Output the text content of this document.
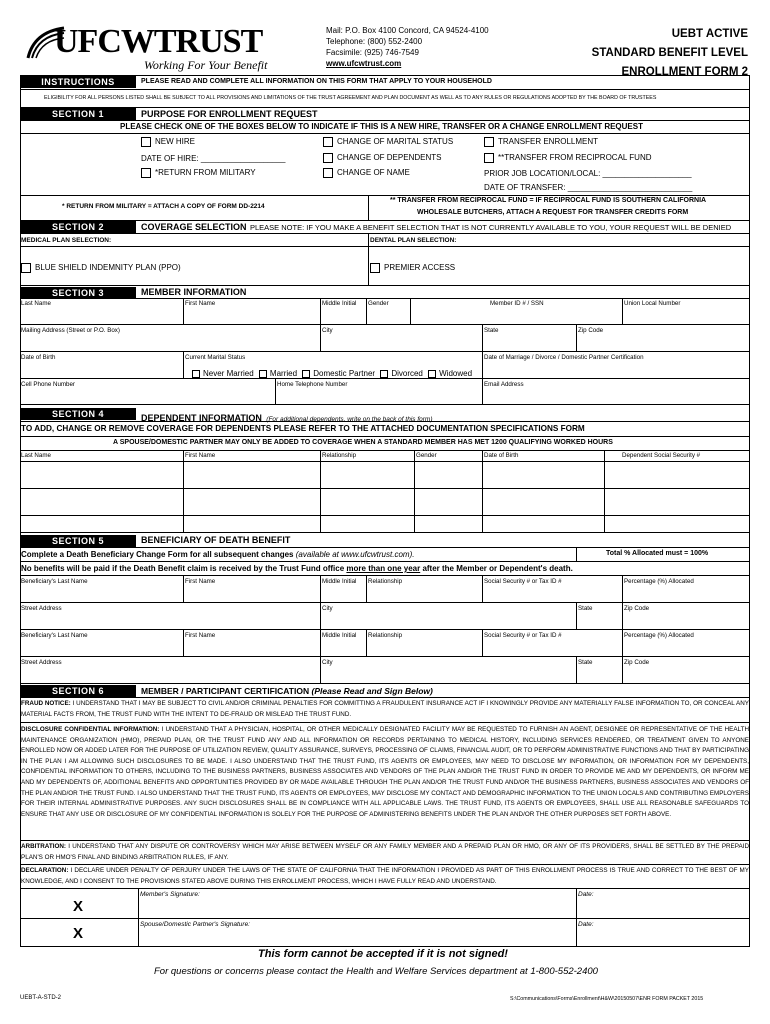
UFCWTRUST
Working For Your Benefit
Mail: P.O. Box 4100 Concord, CA 94524-4100
Telephone: (800) 552-2400
Facsimile: (925) 746-7549
www.ufcwtrust.com
UEBT ACTIVE
STANDARD BENEFIT LEVEL
ENROLLMENT FORM 2
INSTRUCTIONS	PLEASE READ AND COMPLETE ALL INFORMATION ON THIS FORM THAT APPLY TO YOUR HOUSEHOLD
ELIGIBILITY FOR ALL PERSONS LISTED SHALL BE SUBJECT TO ALL PROVISIONS AND LIMITATIONS OF THE TRUST AGREEMENT AND PLAN DOCUMENT AS WELL AS TO ANY RULES OR REGULATIONS ADOPTED BY THE BOARD OF TRUSTEES
SECTION 1	PURPOSE FOR ENROLLMENT REQUEST
PLEASE CHECK ONE OF THE BOXES BELOW TO INDICATE IF THIS IS A NEW HIRE, TRANSFER OR A CHANGE ENROLLMENT REQUEST
NEW HIRE
DATE OF HIRE: ___________________
*RETURN FROM MILITARY
CHANGE OF MARITAL STATUS
CHANGE OF DEPENDENTS
CHANGE OF NAME
TRANSFER ENROLLMENT
**TRANSFER FROM RECIPROCAL FUND
PRIOR JOB LOCATION/LOCAL: ____________________
DATE OF TRANSFER: ____________________________
* RETURN FROM MILITARY = ATTACH A COPY OF FORM DD-2214
** TRANSFER FROM RECIPROCAL FUND = IF RECIPROCAL FUND IS SOUTHERN CALIFORNIA
WHOLESALE BUTCHERS, ATTACH A REQUEST FOR TRANSFER CREDITS FORM
SECTION 2	COVERAGE SELECTION PLEASE NOTE: IF YOU MAKE A BENEFIT SELECTION THAT IS NOT CURRENTLY AVAILABLE TO YOU, YOUR REQUEST WILL BE DENIED
MEDICAL PLAN SELECTION:	DENTAL PLAN SELECTION:
BLUE SHIELD INDEMNITY PLAN (PPO)	PREMIER ACCESS
SECTION 3	MEMBER INFORMATION
Last Name	First Name	Middle Initial Gender	Member ID # / SSN	Union Local Number
Mailing Address (Street or P.O. Box)	City	State	Zip Code
Date of Birth	Current Marital Status	Date of Marriage / Divorce / Domestic Partner Certification
Never Married Married Domestic Partner Divorced Widowed
Cell Phone Number	Home Telephone Number	Email Address
SECTION 4	DEPENDENT INFORMATION (For additional dependents, write on the back of this form)
TO ADD, CHANGE OR REMOVE COVERAGE FOR DEPENDENTS PLEASE REFER TO THE ATTACHED DOCUMENTATION SPECIFICATIONS FORM
A SPOUSE/DOMESTIC PARTNER MAY ONLY BE ADDED TO COVERAGE WHEN A STANDARD MEMBER HAS MET 1200 QUALIFYING WORKED HOURS
Last Name	First Name	Relationship	Gender	Date of Birth	Dependent Social Security #
SECTION 5	BENEFICIARY OF DEATH BENEFIT
Complete a Death Beneficiary Change Form for all subsequent changes (available at www.ufcwtrust.com).	Total % Allocated must = 100%
No benefits will be paid if the Death Benefit claim is received by the Trust Fund office more than one year after the Member or Dependent's death.
Beneficiary's Last Name	First Name	Middle Initial Relationship	Social Security # or Tax ID #	Percentage (%) Allocated
Street Address	City	State	Zip Code
Beneficiary's Last Name	First Name	Middle Initial Relationship	Social Security # or Tax ID #	Percentage (%) Allocated
Street Address	City	State	Zip Code
SECTION 6	MEMBER / PARTICIPANT CERTIFICATION (Please Read and Sign Below)
FRAUD NOTICE: I UNDERSTAND THAT I MAY BE SUBJECT TO CIVIL AND/OR CRIMINAL PENALTIES FOR COMMITTING A FRAUDULENT INSURANCE ACT IF I KNOWINGLY PROVIDE ANY MATERIALLY FALSE INFORMATION TO, OR CONCEAL ANY MATERIAL FACTS FROM, THE TRUST FUND WITH THE INTENT TO DE-FRAUD OR MISLEAD THE TRUST FUND.
DISCLOSURE CONFIDENTIAL INFORMATION: I UNDERSTAND THAT A PHYSICIAN, HOSPITAL, OR OTHER MEDICALLY DESIGNATED FACILITY MAY BE REQUESTED TO FURNISH AN AGENT, DESIGNEE OR REPRESENTATIVE OF THE HEALTH MAINTENANCE ORGANIZATION (HMO), PREPAID PLAN, OR THE TRUST FUND ANY AND ALL INFORMATION OR RECORDS PERTAINING TO MEDICAL HISTORY, INCLUDING SERVICES RENDERED, OR TREATMENT GIVEN TO ANYONE ENROLLED NOW OR ADDED LATER FOR THE PURPOSE OF UTILIZATION REVIEW, QUALITY ASSURANCE, SURVEYS, PROCESSING OF CLAIMS, FINANCIAL AUDIT, OR TO PERFORM ADMINISTRATIVE FUNCTIONS AND THAT BY PARTICIPATING IN THE PLAN I AM ALLOWING SUCH DISCLOSURES TO BE MADE. I ALSO UNDERSTAND THAT THE TRUST FUND, ITS AGENTS OR EMPLOYEES, MAY NEED TO DISCLOSE MY INFORMATION, OR INFORMATION FOR MY DEPENDENTS, CONFIDENTIAL INFORMATION TO OTHERS, INCLUDING TO THE BUSINESS PARTNERS, BUSINESS ASSOCIATES AND VENDORS OF THE PLAN AND/OR THE TRUST FUND IN ORDER TO PROVIDE ME AND MY DEPENDENTS, OR INFORM ME AND MY DEPENDENTS OF, ADDITIONAL BENEFITS AND OPPORTUNITIES PROVIDED BY OR MADE AVAILABLE THROUGH THE PLAN AND/OR THE TRUST FUND AND/OR THE BUSINESS PARTNERS, BUSINESS ASSOCIATES AND VENDORS OF THE PLAN AND/OR THE TRUST FUND. I ALSO UNDERSTAND THAT THE TRUST FUND, ITS AGENTS OR EMPLOYEES, MAY DISCLOSE MY CONTACT AND DEMOGRAPHIC INFORMATION TO THE UNION LOCALS AND CONTRIBUTING EMPLOYERS FOR THEIR INTERNAL ADMINISTRATIVE PURPOSES. ANY SUCH DISCLOSURES SHALL BE IN COMPLIANCE WITH ALL APPLICABLE LAWS. THE TRUST FUND, ITS AGENTS OR EMPLOYEES, SHALL USE ALL REASONABLE SAFEGUARDS TO ENSURE THAT ANY USE OR DISCLOSURE OF MY CONFIDENTIAL INFORMATION IS SOLELY FOR THE PURPOSE OF ADMINISTERING BENEFITS UNDER THE PLAN AND/OR THE OTHER PURPOSES SET FORTH ABOVE.
ARBITRATION: I UNDERSTAND THAT ANY DISPUTE OR CONTROVERSY WHICH MAY ARISE BETWEEN MYSELF OR ANY FAMILY MEMBER AND A PREPAID PLAN OR HMO, OR ANY OF ITS PROVIDERS, SHALL BE SETTLED BY THE PREPAID PLAN'S OR HMO'S FINAL AND BINDING ARBITRATION RULES, IF ANY.
DECLARATION: I DECLARE UNDER PENALTY OF PERJURY UNDER THE LAWS OF THE STATE OF CALIFORNIA THAT THE INFORMATION I PROVIDED AS PART OF THIS ENROLLMENT PROCESS IS TRUE AND CORRECT TO THE BEST OF MY KNOWLEDGE, AND I CONSENT TO THE PROVISIONS STATED ABOVE DURING THIS ENROLLMENT PROCESS, WHICH I HAVE FULLY READ AND UNDERSTAND.
X
Member's Signature:	Date:
X
Spouse/Domestic Partner's Signature:	Date:
This form cannot be accepted if it is not signed!
For questions or concerns please contact the Health and Welfare Services department at 1-800-552-2400
UEBT-A-STD-2	S:\Communications\Forms\Enrollment\H&W\20150507\ENR FORM PACKET 2015
